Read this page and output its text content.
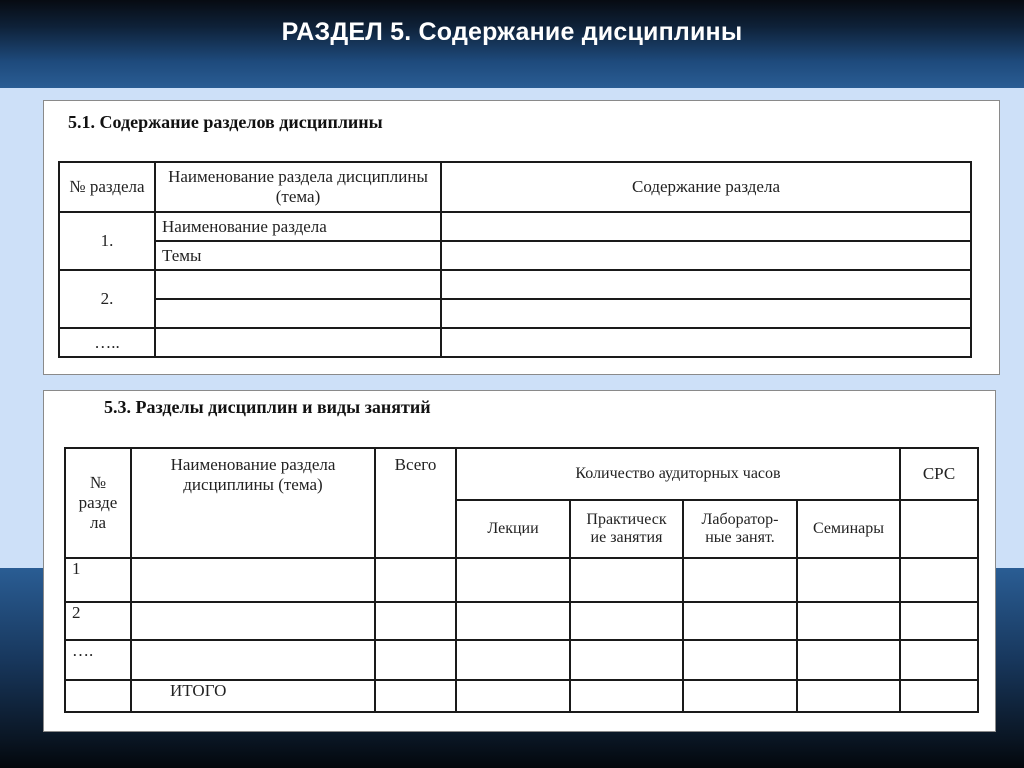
РАЗДЕЛ 5. Содержание дисциплины
5.1. Содержание разделов дисциплины
№ раздела	Наименование раздела дисциплины (тема)	Содержание раздела
1.	Наименование раздела	
	Темы	
2.		

…..		
5.3. Разделы дисциплин и виды занятий
№ разде ла	Наименование раздела дисциплины (тема)	Всего	Количество аудиторных часов				СРС
			Лекции	Практическ ие занятия	Лаборатор-ные занят.	Семинары	
1							
2							
….							
	ИТОГО						
